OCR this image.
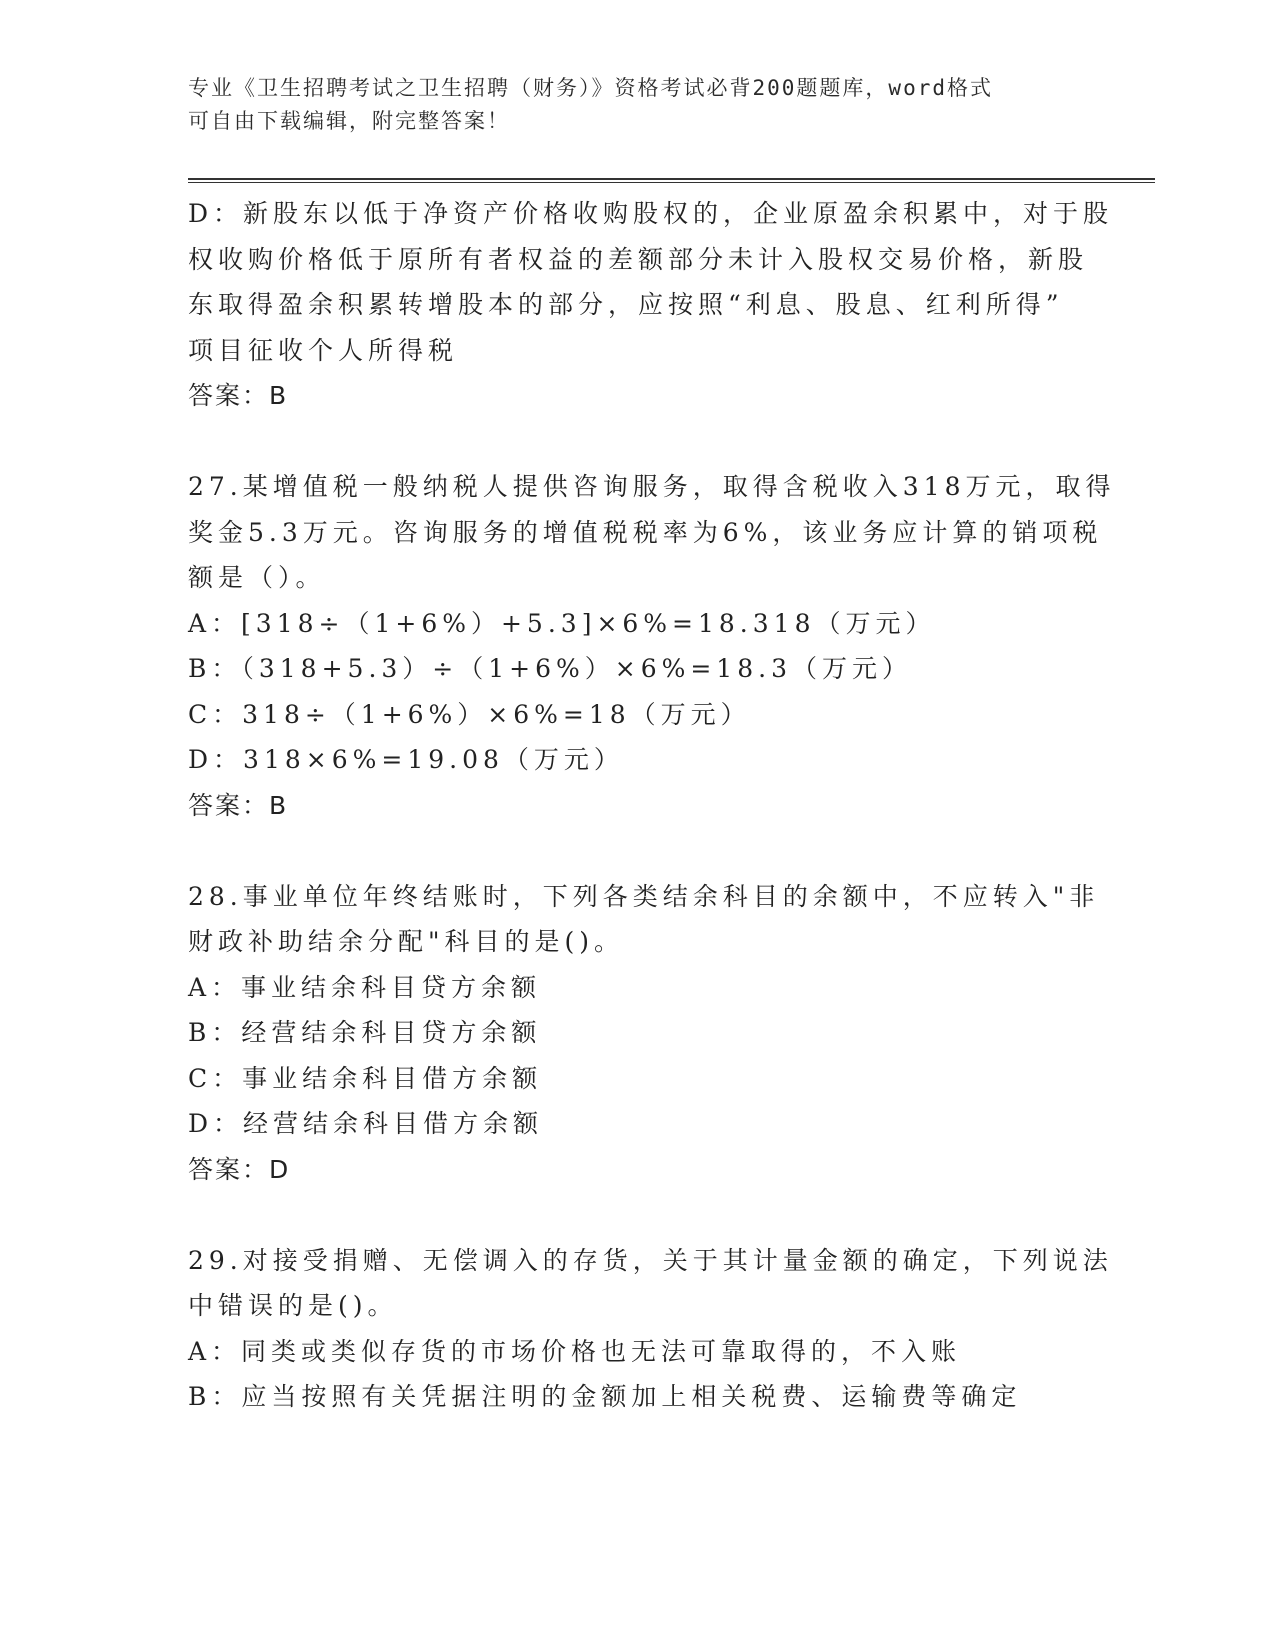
专业《卫生招聘考试之卫生招聘（财务）》资格考试必背200题题库，word格式
可自由下载编辑，附完整答案！
D：新股东以低于净资产价格收购股权的，企业原盈余积累中，对于股
权收购价格低于原所有者权益的差额部分未计入股权交易价格，新股
东取得盈余积累转增股本的部分，应按照“利息、股息、红利所得”
项目征收个人所得税
答案：B
27.某增值税一般纳税人提供咨询服务，取得含税收入318万元，取得
奖金5.3万元。咨询服务的增值税税率为6%，该业务应计算的销项税
额是（）。
A：[318÷（1+6%）+5.3]×6%=18.318（万元）
B：（318+5.3）÷（1+6%）×6%=18.3（万元）
C：318÷（1+6%）×6%=18（万元）
D：318×6%=19.08（万元）
答案：B
28.事业单位年终结账时，下列各类结余科目的余额中，不应转入"非
财政补助结余分配"科目的是()。
A：事业结余科目贷方余额
B：经营结余科目贷方余额
C：事业结余科目借方余额
D：经营结余科目借方余额
答案：D
29.对接受捐赠、无偿调入的存货，关于其计量金额的确定，下列说法
中错误的是()。
A：同类或类似存货的市场价格也无法可靠取得的，不入账
B：应当按照有关凭据注明的金额加上相关税费、运输费等确定
